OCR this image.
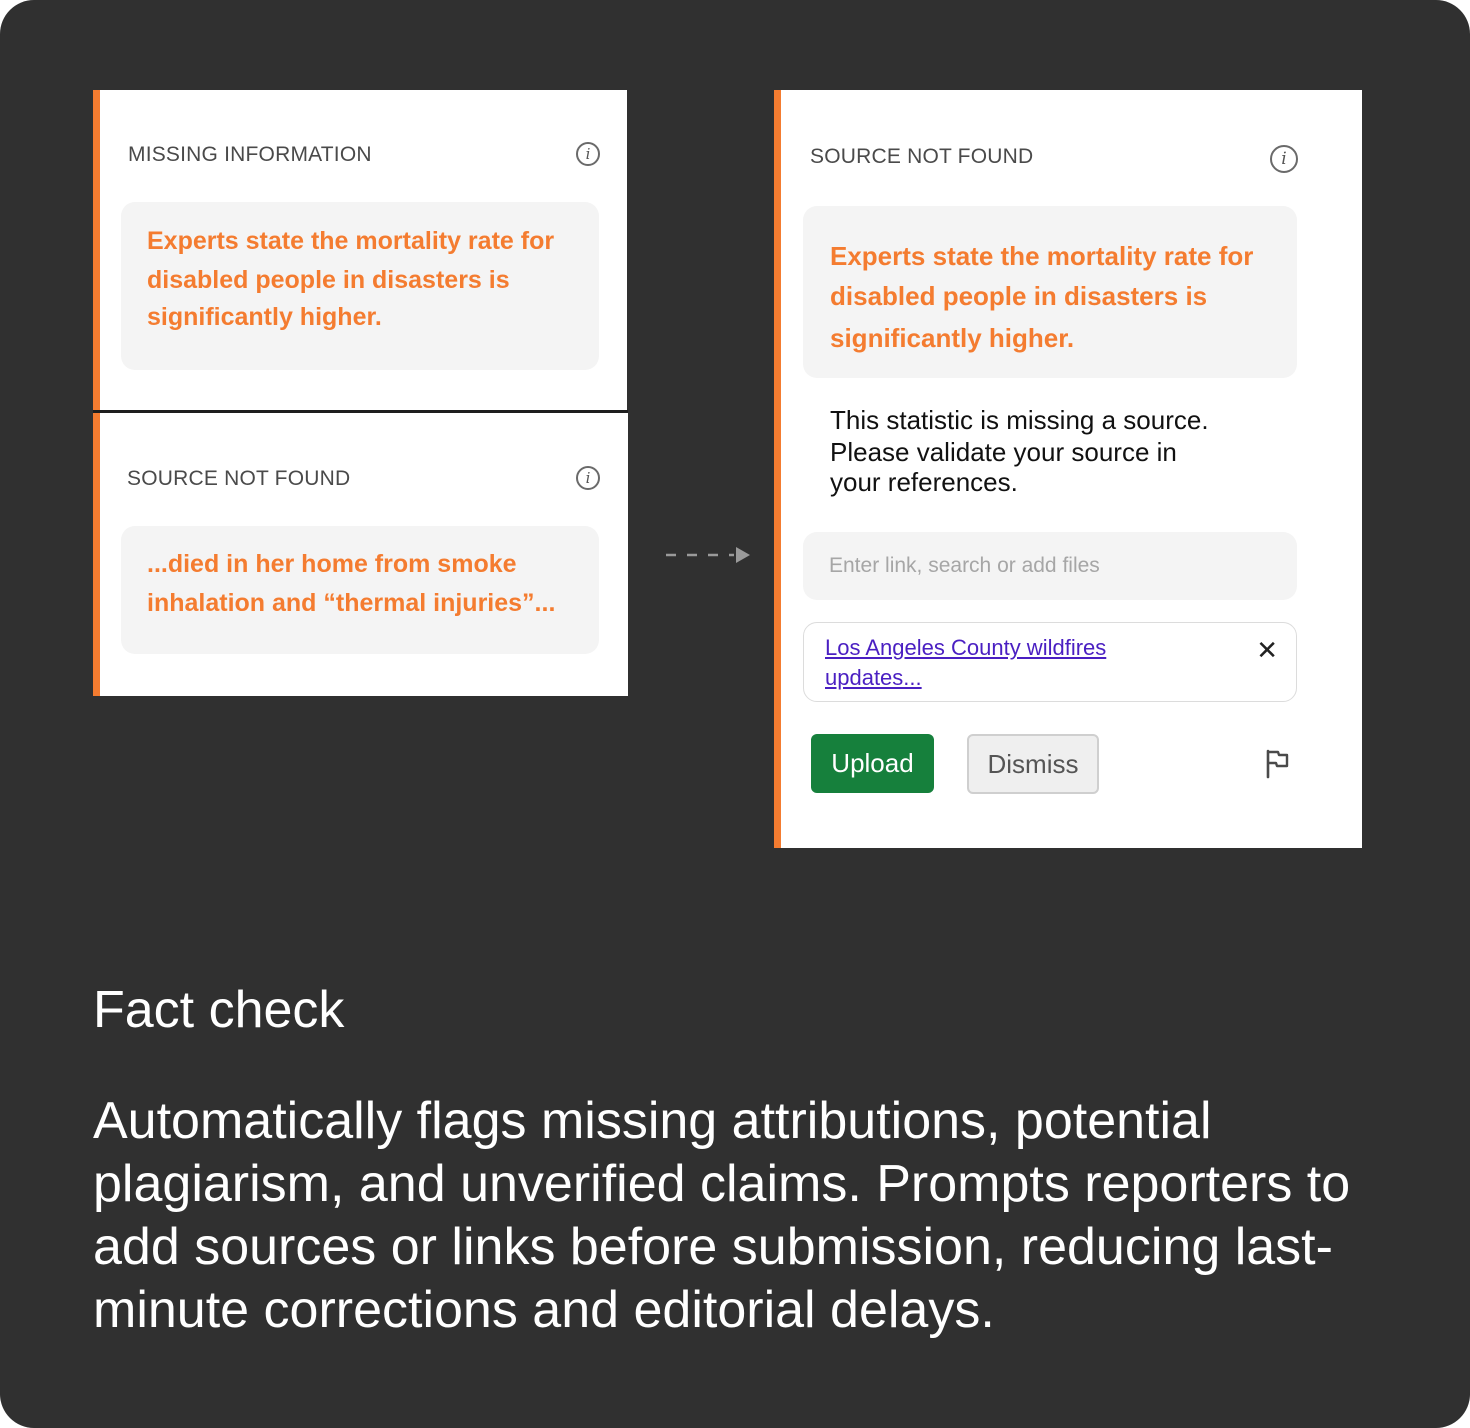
MISSING INFORMATION	i
Experts state the mortality rate for
disabled people in disasters is
significantly higher.
SOURCE NOT FOUND	i
...died in her home from smoke
inhalation and “thermal injuries”...
SOURCE NOT FOUND	i
Experts state the mortality rate for
disabled people in disasters is
significantly higher.
This statistic is missing a source.
Please validate your source in
your references.
Enter link, search or add files
Los Angeles County wildfires
updates...
✕
Upload	Dismiss
Fact check
Automatically flags missing attributions, potential plagiarism, and unverified claims. Prompts reporters to add sources or links before submission, reducing last-minute corrections and editorial delays.
